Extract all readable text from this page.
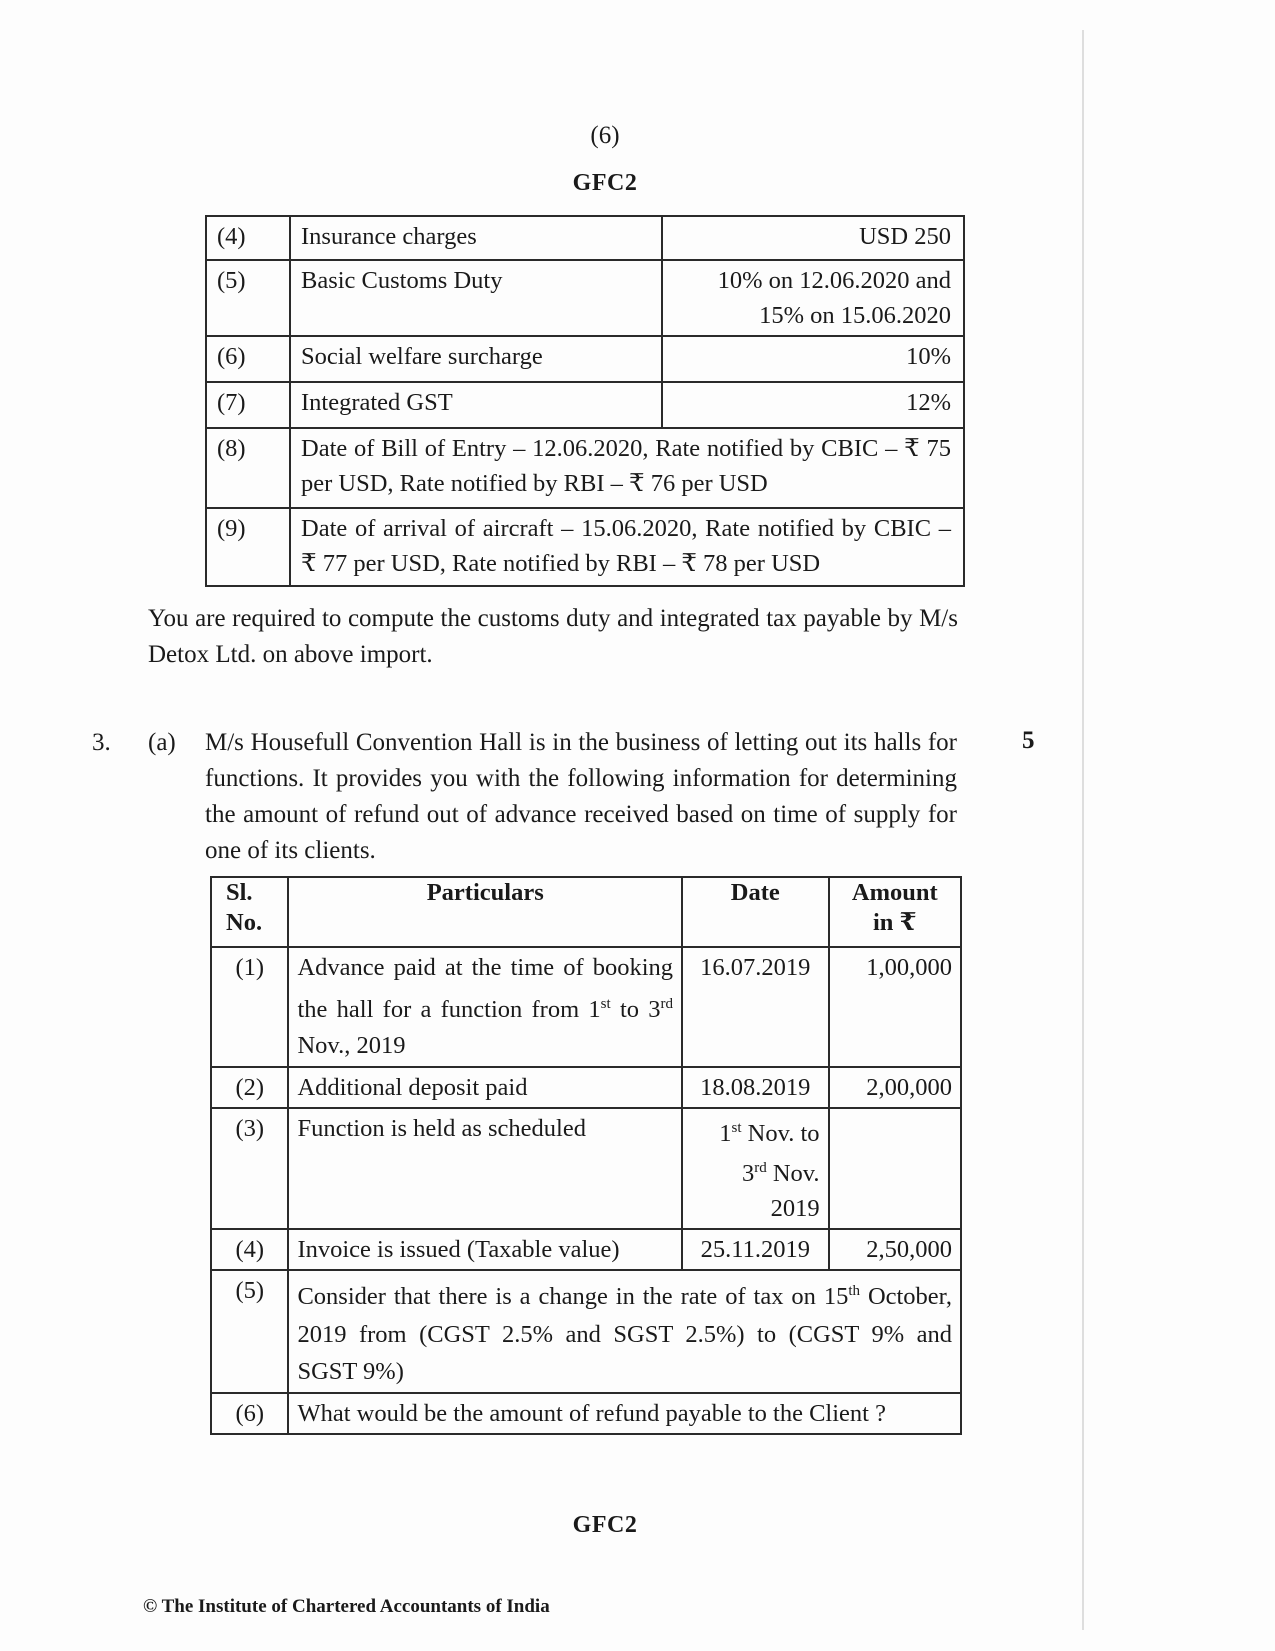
(6)
GFC2
(4)	Insurance charges	USD 250
(5)	Basic Customs Duty	10% on 12.06.2020 and 15% on 15.06.2020
(6)	Social welfare surcharge	10%
(7)	Integrated GST	12%
(8)	Date of Bill of Entry – 12.06.2020, Rate notified by CBIC – ₹ 75 per USD, Rate notified by RBI – ₹ 76 per USD	
(9)	Date of arrival of aircraft – 15.06.2020, Rate notified by CBIC – ₹ 77 per USD, Rate notified by RBI – ₹ 78 per USD	
You are required to compute the customs duty and integrated tax payable by M/s Detox Ltd. on above import.
3. (a) M/s Housefull Convention Hall is in the business of letting out its halls for functions. It provides you with the following information for determining the amount of refund out of advance received based on time of supply for one of its clients.
5
Sl. No.	Particulars	Date	Amount in ₹
(1)	Advance paid at the time of booking the hall for a function from 1st to 3rd Nov., 2019	16.07.2019	1,00,000
(2)	Additional deposit paid	18.08.2019	2,00,000
(3)	Function is held as scheduled	1st Nov. to
3rd Nov.
2019	
(4)	Invoice is issued (Taxable value)	25.11.2019	2,50,000
(5)	Consider that there is a change in the rate of tax on 15th October, 2019 from (CGST 2.5% and SGST 2.5%) to (CGST 9% and SGST 9%)		
(6)	What would be the amount of refund payable to the Client ?		
GFC2
© The Institute of Chartered Accountants of India
